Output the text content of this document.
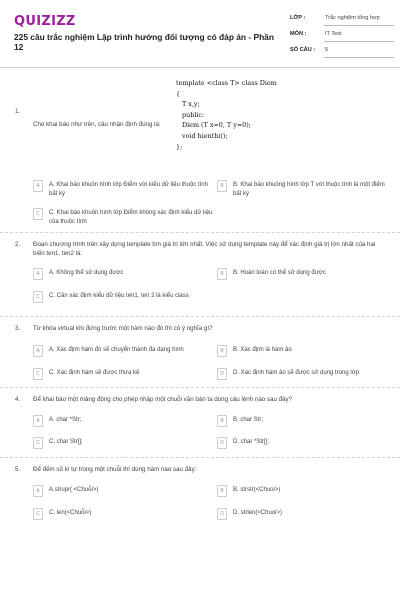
QUIZIZZ
225 câu trắc nghiệm Lập trình hướng đối tượng có đáp án - Phần 12
LỚP :	Trắc nghiệm tổng hợp
MÔN :	IT Test
SỐ CÂU :	5
1.
template <class T> class Diem
{
T x,y;
public:
Diem (T x=0, T y=0);
void hienthi();
};
Cho khai báo như trên, câu nhận định đúng là:
A	A. Khai báo khuôn hình lớp Điểm với kiểu dữ liệu thuộc tính bất kỳ
B	B. Khai báo khuông hình lớp T với thuộc tính là một điểm bất kỳ
C	C. Khai báo khuôn hình lớp Điểm không xác định kiểu dữ liệu của thuộc tính
2. Đoạn chương trình trên xây dựng template tìm giá trị lớn nhất. Việc sử dụng template này để xác định giá trị lớn nhất của hai biến ten1, ten2 là:
A	A. Không thể sử dụng được	B	B. Hoàn toàn có thể sử dụng được
C	C. Cần xác định kiểu dữ liệu ten1, ten 2 là kiểu class
3. Từ khóa virtual khi đứng trước một hàm nào đó thì có ý nghĩa gì?
A	A. Xác định hàm đó sẽ chuyển thành đa dạng hình	B	B. Xác định là hàm ảo
C	C. Xác định hàm sẽ được thừa kế	D	D. Xác định hàm ảo sẽ được sử dụng trong lớp
4. Để khai báo một mảng động cho phép nhập một chuỗi văn bản ta dùng câu lệnh nào sau đây?
A	A. char *Str;	B	B. char Str;
C	C. char Str[];	D	D. char *Str[];
5. Để đếm số kí tự trong một chuỗi thì dùng hàm nào sau đây:
A	A.strupr( <Chuỗi>)	B	B. strstr(<Chuoi>)
C	C. len(<Chuỗi>)	D	D. strlen(<Chuoi>)
